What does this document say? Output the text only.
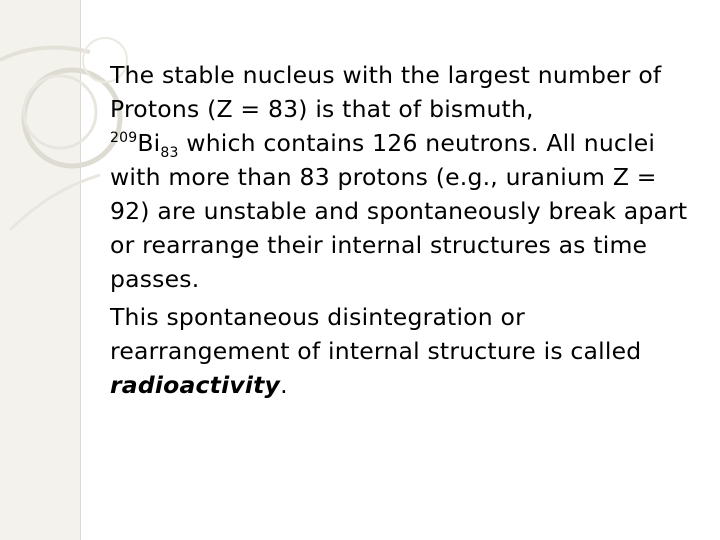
The stable nucleus with the largest number of Protons (Z = 83) is that of bismuth,
$^{209}Bi_{83}$ which contains 126 neutrons. All nuclei with more than 83 protons (e.g., uranium Z = 92) are unstable and spontaneously break apart or rearrange their internal structures as time passes.

This spontaneous disintegration or rearrangement of internal structure is called radioactivity.
